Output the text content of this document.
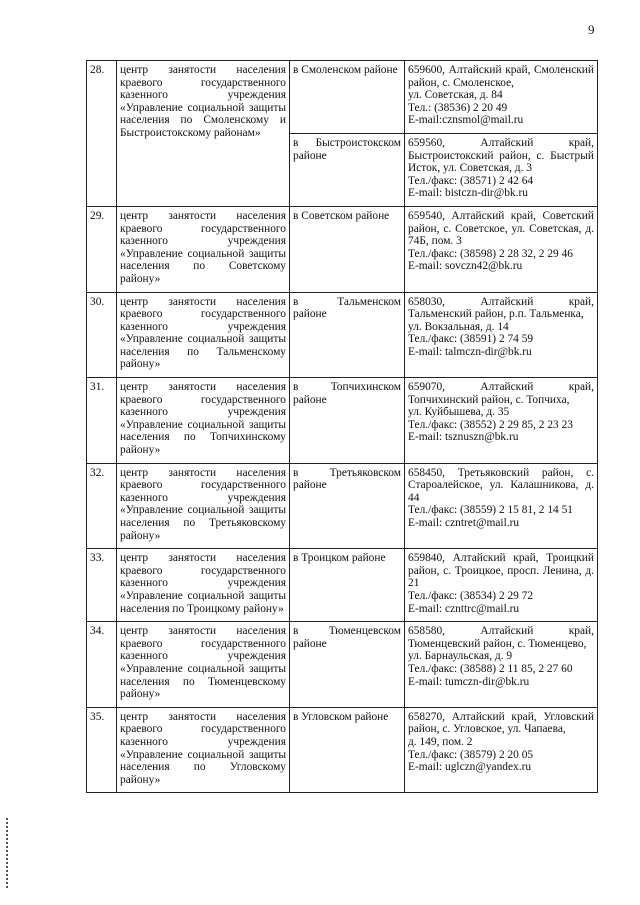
9
28.	центр занятости населения краевого государственного казенного учреждения «Управление социальной защиты населения по Смоленскому и Быстроистокскому районам»	в Смоленском районе	659600, Алтайский край, Смоленский район, с. Смоленское,
ул. Советская, д. 84
Тел.: (38536) 2 20 49
E-mail:cznsmol@mail.ru
		в Быстроистокском районе	659560, Алтайский край, Быстроистокский район, с. Быстрый Исток, ул. Советская, д. 3
Тел./факс: (38571) 2 42 64
E-mail: bistczn-dir@bk.ru
29.	центр занятости населения краевого государственного казенного учреждения «Управление социальной защиты населения по Советскому району»	в Советском районе	659540, Алтайский край, Советский район, с. Советское, ул. Советская, д. 74Б, пом. 3
Тел./факс: (38598) 2 28 32, 2 29 46
E-mail: sovczn42@bk.ru
30.	центр занятости населения краевого государственного казенного учреждения «Управление социальной защиты населения по Тальменскому району»	в Тальменском районе	658030, Алтайский край, Тальменский район, р.п. Тальменка,
ул. Вокзальная, д. 14
Тел./факс: (38591) 2 74 59
E-mail: talmczn-dir@bk.ru
31.	центр занятости населения краевого государственного казенного учреждения «Управление социальной защиты населения по Топчихинскому району»	в Топчихинском районе	659070, Алтайский край, Топчихинский район, с. Топчиха,
ул. Куйбышева, д. 35
Тел./факс: (38552) 2 29 85, 2 23 23
E-mail: tsznuszn@bk.ru
32.	центр занятости населения краевого государственного казенного учреждения «Управление социальной защиты населения по Третьяковскому району»	в Третьяковском районе	658450, Третьяковский район, с. Староалейское, ул. Калашникова, д. 44
Тел./факс: (38559) 2 15 81, 2 14 51
E-mail: czntret@mail.ru
33.	центр занятости населения краевого государственного казенного учреждения «Управление социальной защиты населения по Троицкому району»	в Троицком районе	659840, Алтайский край, Троицкий район, с. Троицкое, просп. Ленина, д. 21
Тел./факс: (38534) 2 29 72
E-mail: cznttrc@mail.ru
34.	центр занятости населения краевого государственного казенного учреждения «Управление социальной защиты населения по Тюменцевскому району»	в Тюменцевском районе	658580, Алтайский край, Тюменцевский район, с. Тюменцево,
ул. Барнаульская, д. 9
Тел./факс: (38588) 2 11 85, 2 27 60
E-mail: tumczn-dir@bk.ru
35.	центр занятости населения краевого государственного казенного учреждения «Управление социальной защиты населения по Угловскому району»	в Угловском районе	658270, Алтайский край, Угловский район, с. Угловское, ул. Чапаева,
д. 149, пом. 2
Тел./факс: (38579) 2 20 05
E-mail: uglczn@yandex.ru
